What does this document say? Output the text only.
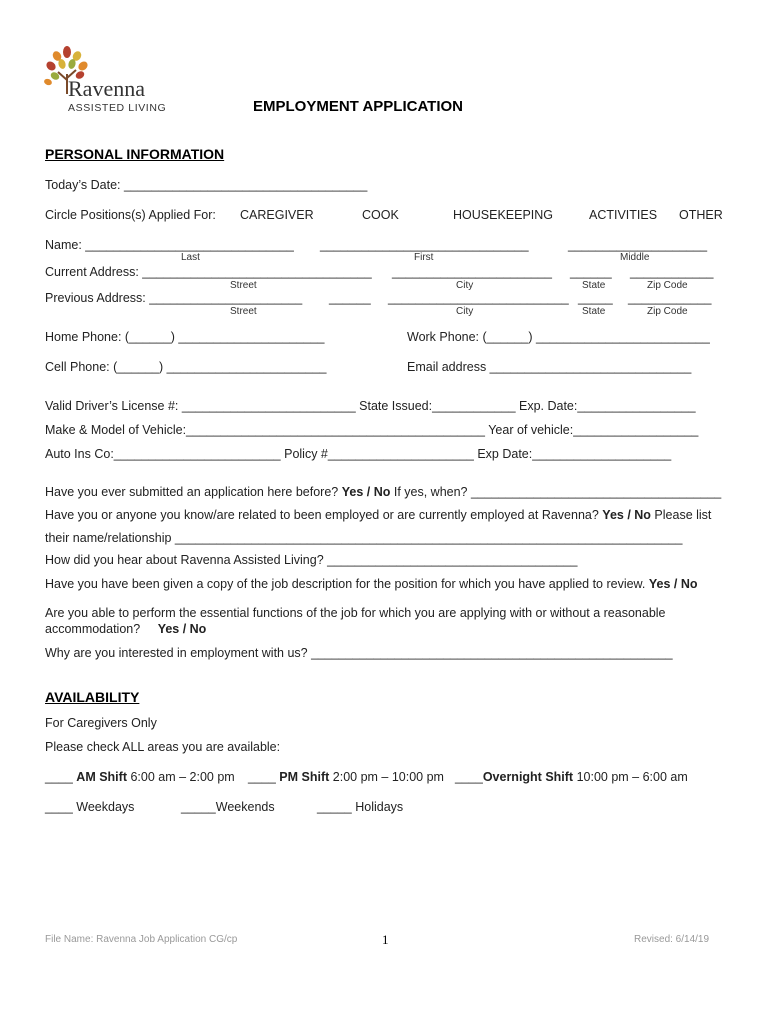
Ravenna
ASSISTED LIVING	EMPLOYMENT APPLICATION
PERSONAL INFORMATION
Today’s Date: ___________________________________
Circle Positions(s) Applied For: CAREGIVER	COOK	HOUSEKEEPING	ACTIVITIES OTHER
Name: ______________________________ ______________________________	____________________
Last	First	Middle
Current Address: _________________________________ _______________________ ______ ____________
Street	City	State	Zip Code
Previous Address: ______________________ ______ __________________________ _____ ____________
Street	City	State	Zip Code
Home Phone: (______) _____________________	Work Phone: (______) _________________________
Cell Phone: (______) _______________________	Email address _____________________________
Valid Driver’s License #: _________________________ State Issued:____________ Exp. Date:_________________
Make & Model of Vehicle:___________________________________________ Year of vehicle:__________________
Auto Ins Co:________________________ Policy #_____________________ Exp Date:____________________
Have you ever submitted an application here before? Yes / No If yes, when? ____________________________________
Have you or anyone you know/are related to been employed or are currently employed at Ravenna? Yes / No Please list
their name/relationship _________________________________________________________________________
How did you hear about Ravenna Assisted Living? ____________________________________
Have you have been given a copy of the job description for the position for which you have applied to review. Yes / No
Are you able to perform the essential functions of the job for which you are applying with or without a reasonable
accommodation? Yes / No
Why are you interested in employment with us? ____________________________________________________
AVAILABILITY
For Caregivers Only
Please check ALL areas you are available:
____ AM Shift 6:00 am – 2:00 pm ____ PM Shift 2:00 pm – 10:00 pm ____Overnight Shift 10:00 pm – 6:00 am
____ Weekdays	_____Weekends	_____ Holidays
File Name: Ravenna Job Application CG/cp	1	Revised: 6/14/19
